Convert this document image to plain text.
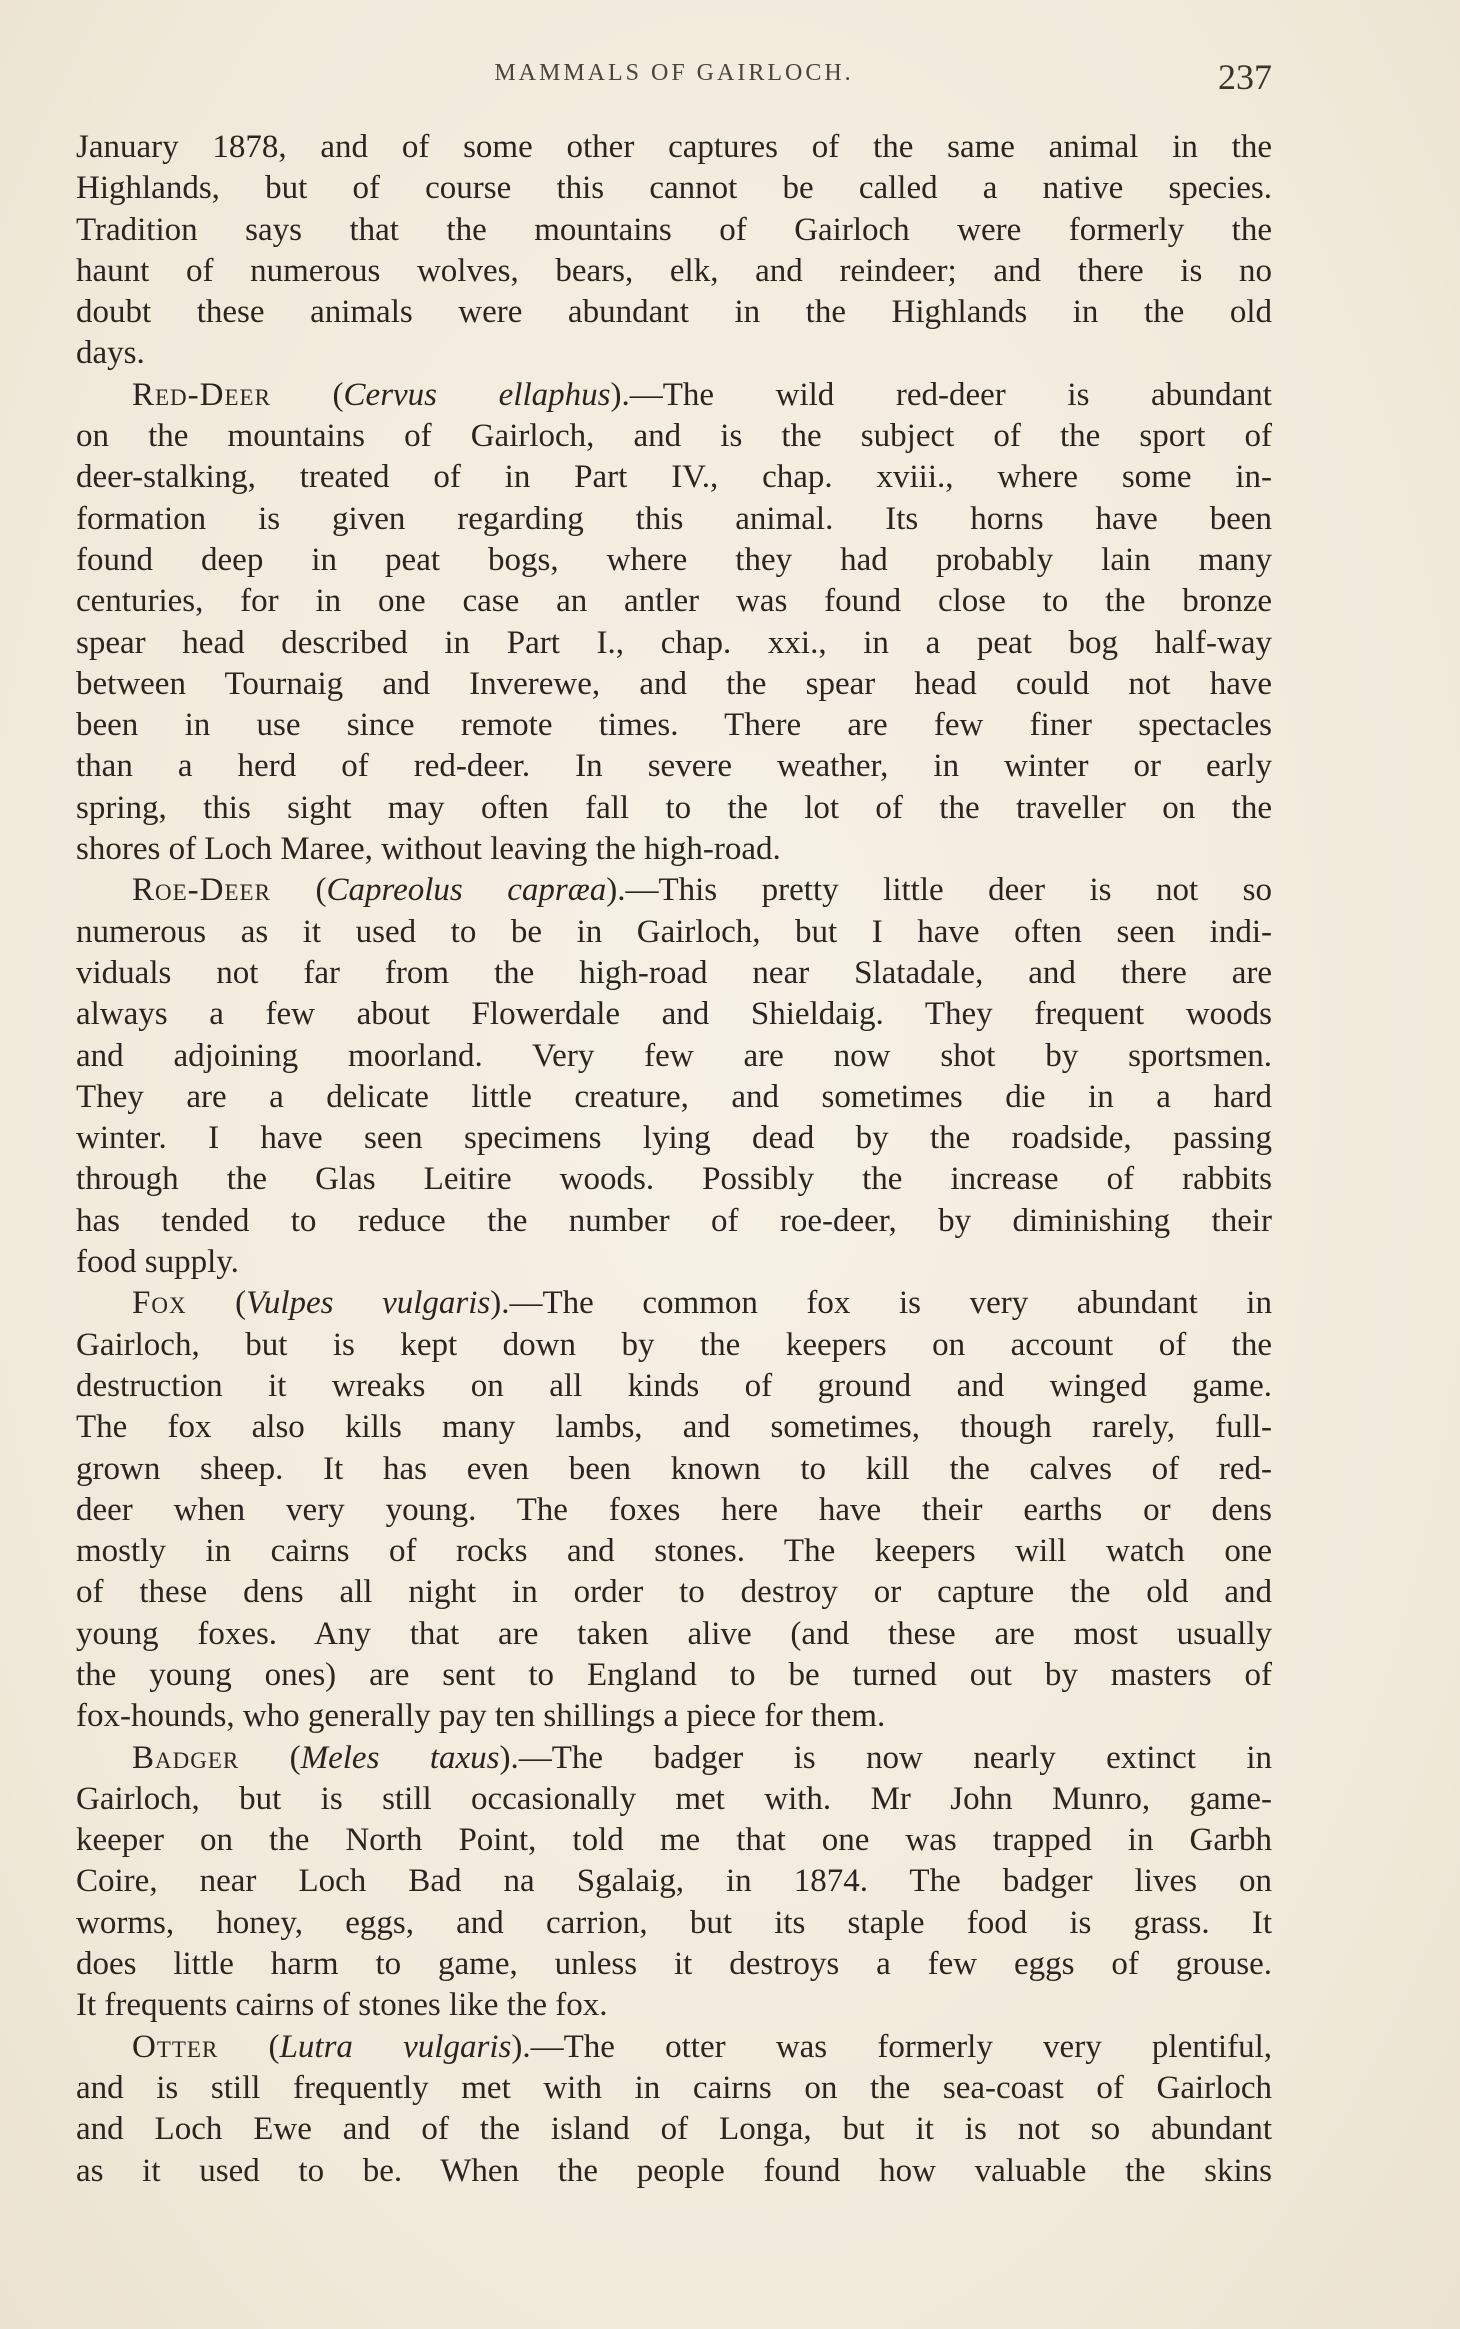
MAMMALS OF GAIRLOCH.	237
January 1878, and of some other captures of the same animal in the
Highlands, but of course this cannot be called a native species.
Tradition says that the mountains of Gairloch were formerly the
haunt of numerous wolves, bears, elk, and reindeer; and there is no
doubt these animals were abundant in the Highlands in the old
days.
Red-Deer (Cervus ellaphus).—The wild red-deer is abundant
on the mountains of Gairloch, and is the subject of the sport of
deer-stalking, treated of in Part IV., chap. xviii., where some in-
formation is given regarding this animal. Its horns have been
found deep in peat bogs, where they had probably lain many
centuries, for in one case an antler was found close to the bronze
spear head described in Part I., chap. xxi., in a peat bog half-way
between Tournaig and Inverewe, and the spear head could not have
been in use since remote times. There are few finer spectacles
than a herd of red-deer. In severe weather, in winter or early
spring, this sight may often fall to the lot of the traveller on the
shores of Loch Maree, without leaving the high-road.
Roe-Deer (Capreolus capræa).—This pretty little deer is not so
numerous as it used to be in Gairloch, but I have often seen indi-
viduals not far from the high-road near Slatadale, and there are
always a few about Flowerdale and Shieldaig. They frequent woods
and adjoining moorland. Very few are now shot by sportsmen.
They are a delicate little creature, and sometimes die in a hard
winter. I have seen specimens lying dead by the roadside, passing
through the Glas Leitire woods. Possibly the increase of rabbits
has tended to reduce the number of roe-deer, by diminishing their
food supply.
Fox (Vulpes vulgaris).—The common fox is very abundant in
Gairloch, but is kept down by the keepers on account of the
destruction it wreaks on all kinds of ground and winged game.
The fox also kills many lambs, and sometimes, though rarely, full-
grown sheep. It has even been known to kill the calves of red-
deer when very young. The foxes here have their earths or dens
mostly in cairns of rocks and stones. The keepers will watch one
of these dens all night in order to destroy or capture the old and
young foxes. Any that are taken alive (and these are most usually
the young ones) are sent to England to be turned out by masters of
fox-hounds, who generally pay ten shillings a piece for them.
Badger (Meles taxus).—The badger is now nearly extinct in
Gairloch, but is still occasionally met with. Mr John Munro, game-
keeper on the North Point, told me that one was trapped in Garbh
Coire, near Loch Bad na Sgalaig, in 1874. The badger lives on
worms, honey, eggs, and carrion, but its staple food is grass. It
does little harm to game, unless it destroys a few eggs of grouse.
It frequents cairns of stones like the fox.
Otter (Lutra vulgaris).—The otter was formerly very plentiful,
and is still frequently met with in cairns on the sea-coast of Gairloch
and Loch Ewe and of the island of Longa, but it is not so abundant
as it used to be. When the people found how valuable the skins
